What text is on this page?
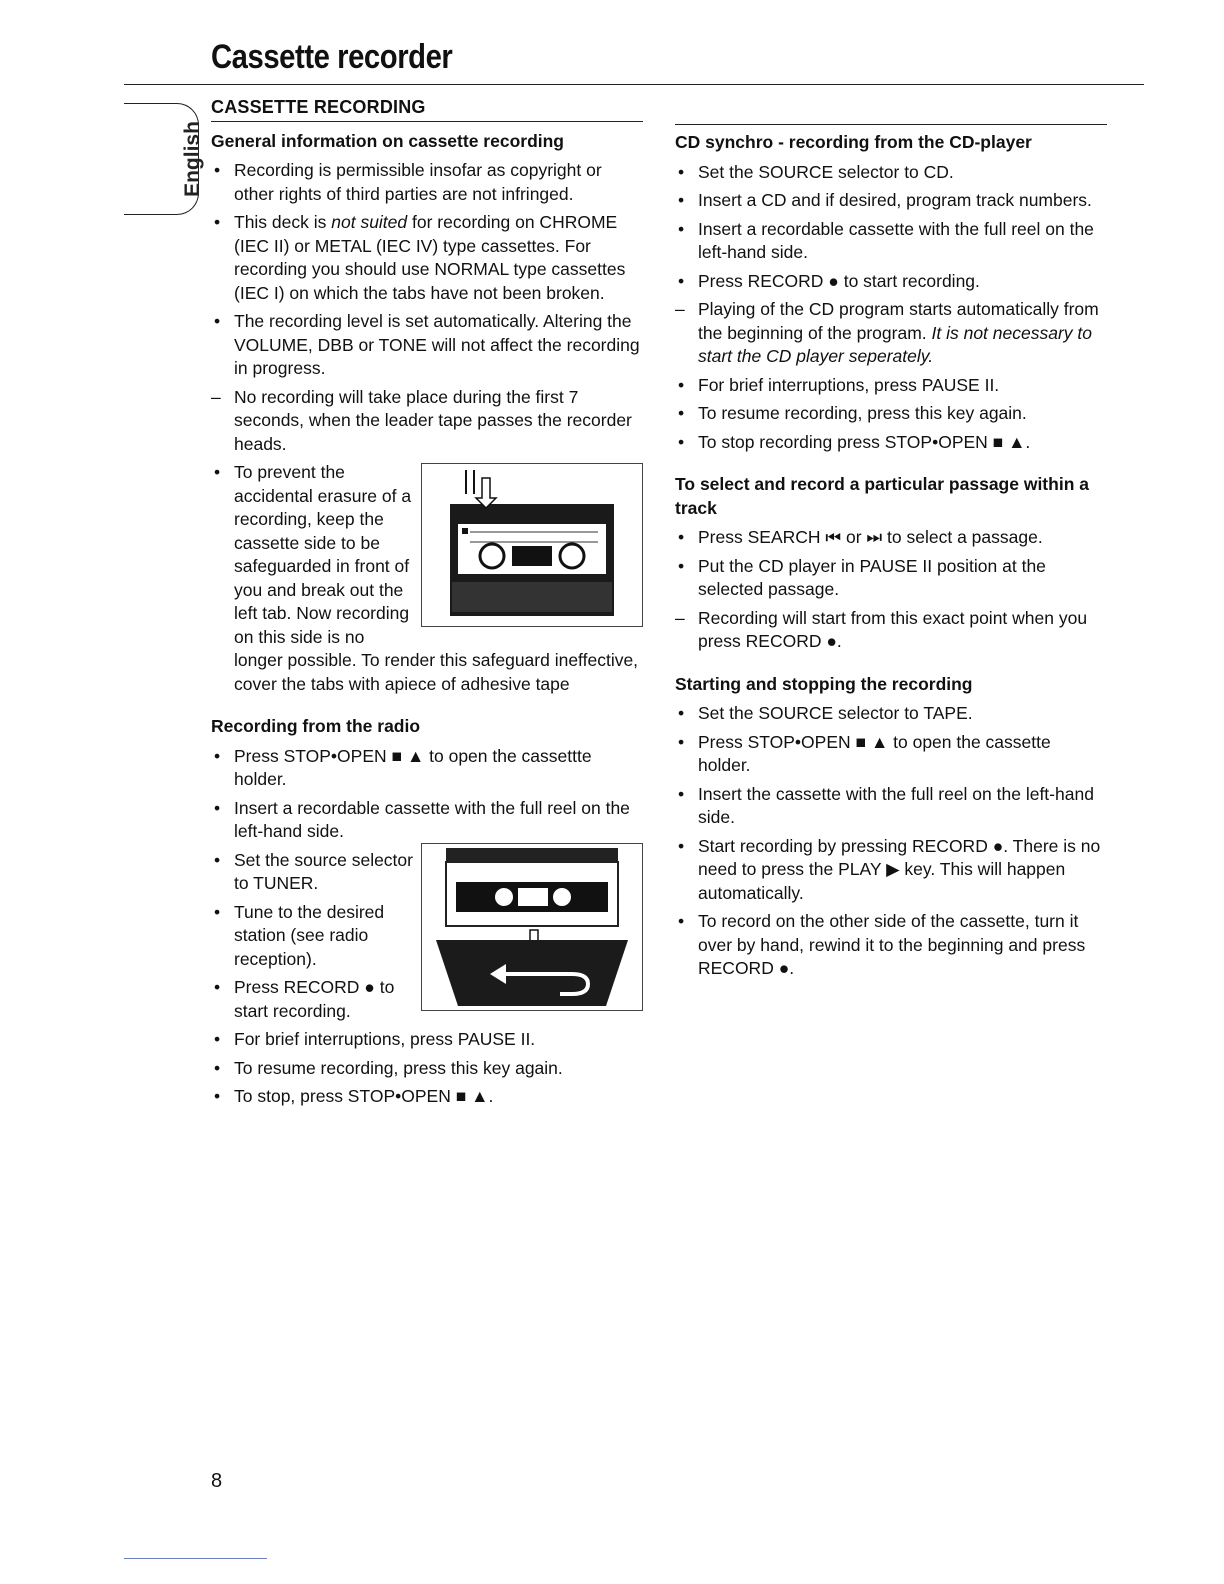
Cassette recorder
English
CASSETTE RECORDING
General information on cassette recording
• Recording is permissible insofar as copyright or other rights of third parties are not infringed.
• This deck is not suited for recording on CHROME (IEC II) or METAL (IEC IV) type cassettes. For recording you should use NORMAL type cassettes (IEC I) on which the tabs have not been broken.
• The recording level is set automatically. Altering the VOLUME, DBB or TONE will not affect the recording in progress.
– No recording will take place during the first 7 seconds, when the leader tape passes the recorder heads.
• To prevent the accidental erasure of a recording, keep the cassette side to be safeguarded in front of you and break out the left tab. Now recording on this side is no longer possible. To render this safeguard ineffective, cover the tabs with apiece of adhesive tape
Recording from the radio
• Press STOP•OPEN ■ ▲ to open the cassettte holder.
• Insert a recordable cassette with the full reel on the left-hand side.
• Set the source selector to TUNER.
• Tune to the desired station (see radio reception).
• Press RECORD ● to start recording.
• For brief interruptions, press PAUSE II.
• To resume recording, press this key again.
• To stop, press STOP•OPEN ■ ▲.
CD synchro - recording from the CD-player
• Set the SOURCE selector to CD.
• Insert a CD and if desired, program track numbers.
• Insert a recordable cassette with the full reel on the left-hand side.
• Press RECORD ● to start recording.
– Playing of the CD program starts automatically from the beginning of the program. It is not necessary to start the CD player seperately.
• For brief interruptions, press PAUSE II.
• To resume recording, press this key again.
• To stop recording press STOP•OPEN ■ ▲.
To select and record a particular passage within a track
• Press SEARCH ⏮ or ⏭ to select a passage.
• Put the CD player in PAUSE II position at the selected passage.
– Recording will start from this exact point when you press RECORD ●.
Starting and stopping the recording
• Set the SOURCE selector to TAPE.
• Press STOP•OPEN ■ ▲ to open the cassette holder.
• Insert the cassette with the full reel on the left-hand side.
• Start recording by pressing RECORD ●. There is no need to press the PLAY ▶ key. This will happen automatically.
• To record on the other side of the cassette, turn it over by hand, rewind it to the beginning and press RECORD ●.
8
